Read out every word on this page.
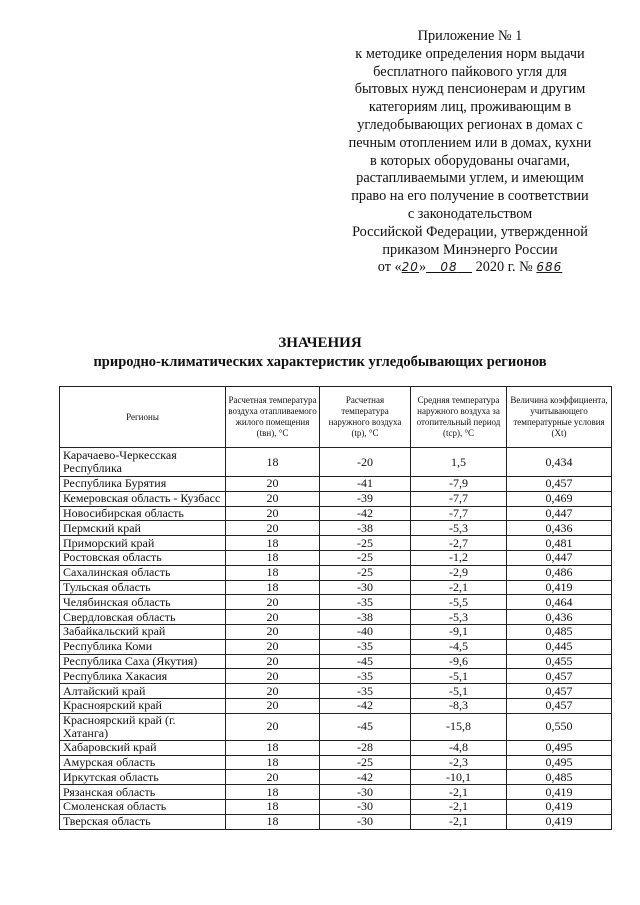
Приложение № 1
к методике определения норм выдачи
бесплатного пайкового угля для
бытовых нужд пенсионерам и другим
категориям лиц, проживающим в
угледобывающих регионах в домах с
печным отоплением или в домах, кухни
в которых оборудованы очагами,
растапливаемыми углем, и имеющим
право на его получение в соответствии
с законодательством
Российской Федерации, утвержденной
приказом Минэнерго России
от «20» 08 2020 г. № 686
ЗНАЧЕНИЯ
природно-климатических характеристик угледобывающих регионов
Регионы	Расчетная температура воздуха отапливаемого жилого помещения (tвн), °С	Расчетная температура наружного воздуха (tр), °С	Средняя температура наружного воздуха за отопительный период (tср), °С	Величина коэффициента, учитывающего температурные условия (Xt)
Карачаево-Черкесская Республика	18	-20	1,5	0,434
Республика Бурятия	20	-41	-7,9	0,457
Кемеровская область - Кузбасс	20	-39	-7,7	0,469
Новосибирская область	20	-42	-7,7	0,447
Пермский край	20	-38	-5,3	0,436
Приморский край	18	-25	-2,7	0,481
Ростовская область	18	-25	-1,2	0,447
Сахалинская область	18	-25	-2,9	0,486
Тульская область	18	-30	-2,1	0,419
Челябинская область	20	-35	-5,5	0,464
Свердловская область	20	-38	-5,3	0,436
Забайкальский край	20	-40	-9,1	0,485
Республика Коми	20	-35	-4,5	0,445
Республика Саха (Якутия)	20	-45	-9,6	0,455
Республика Хакасия	20	-35	-5,1	0,457
Алтайский край	20	-35	-5,1	0,457
Красноярский край	20	-42	-8,3	0,457
Красноярский край (г. Хатанга)	20	-45	-15,8	0,550
Хабаровский край	18	-28	-4,8	0,495
Амурская область	18	-25	-2,3	0,495
Иркутская область	20	-42	-10,1	0,485
Рязанская область	18	-30	-2,1	0,419
Смоленская область	18	-30	-2,1	0,419
Тверская область	18	-30	-2,1	0,419
